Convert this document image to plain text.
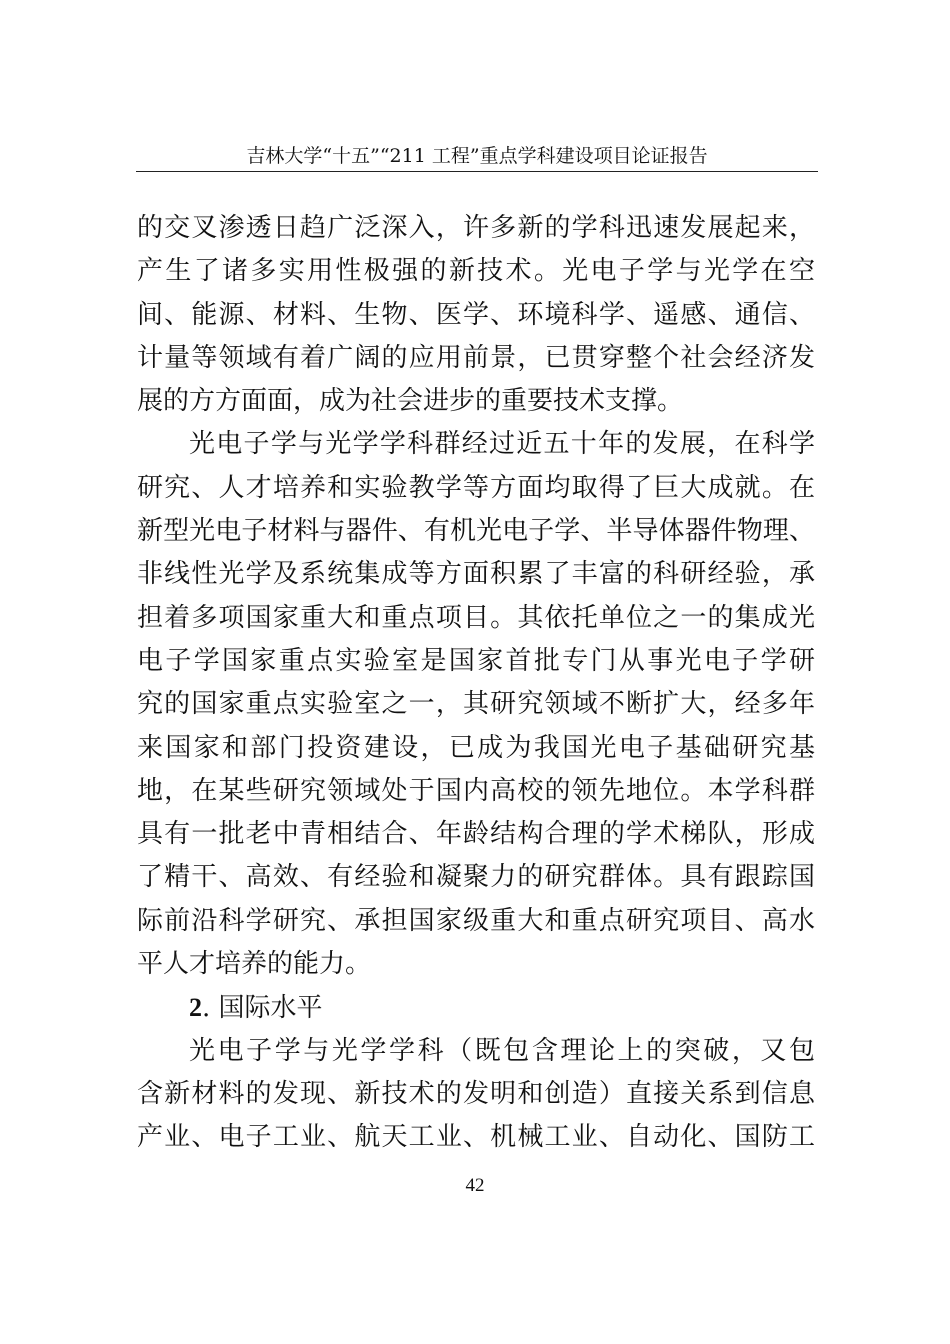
吉林大学“十五”“211 工程”重点学科建设项目论证报告
的交叉渗透日趋广泛深入，许多新的学科迅速发展起来，
产生了诸多实用性极强的新技术。光电子学与光学在空
间、能源、材料、生物、医学、环境科学、遥感、通信、
计量等领域有着广阔的应用前景，已贯穿整个社会经济发
展的方方面面，成为社会进步的重要技术支撑。
光电子学与光学学科群经过近五十年的发展，在科学
研究、人才培养和实验教学等方面均取得了巨大成就。在
新型光电子材料与器件、有机光电子学、半导体器件物理、
非线性光学及系统集成等方面积累了丰富的科研经验，承
担着多项国家重大和重点项目。其依托单位之一的集成光
电子学国家重点实验室是国家首批专门从事光电子学研
究的国家重点实验室之一，其研究领域不断扩大，经多年
来国家和部门投资建设，已成为我国光电子基础研究基
地，在某些研究领域处于国内高校的领先地位。本学科群
具有一批老中青相结合、年龄结构合理的学术梯队，形成
了精干、高效、有经验和凝聚力的研究群体。具有跟踪国
际前沿科学研究、承担国家级重大和重点研究项目、高水
平人才培养的能力。
2. 国际水平
光电子学与光学学科（既包含理论上的突破，又包
含新材料的发现、新技术的发明和创造）直接关系到信息
产业、电子工业、航天工业、机械工业、自动化、国防工
42
